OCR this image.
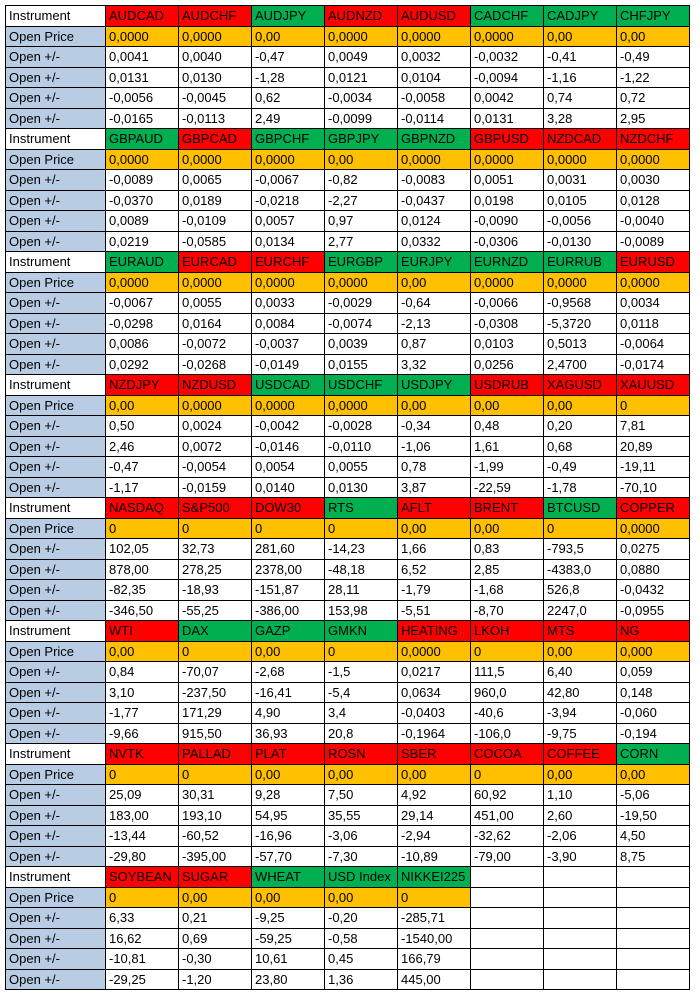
Instrument	AUDCAD	AUDCHF	AUDJPY	AUDNZD	AUDUSD	CADCHF	CADJPY	CHFJPY
Open Price	0,0000	0,0000	0,00	0,0000	0,0000	0,0000	0,00	0,00
Open +/-	0,0041	0,0040	-0,47	0,0049	0,0032	-0,0032	-0,41	-0,49
Open +/-	0,0131	0,0130	-1,28	0,0121	0,0104	-0,0094	-1,16	-1,22
Open +/-	-0,0056	-0,0045	0,62	-0,0034	-0,0058	0,0042	0,74	0,72
Open +/-	-0,0165	-0,0113	2,49	-0,0099	-0,0114	0,0131	3,28	2,95
Instrument	GBPAUD	GBPCAD	GBPCHF	GBPJPY	GBPNZD	GBPUSD	NZDCAD	NZDCHF
Open Price	0,0000	0,0000	0,0000	0,00	0,0000	0,0000	0,0000	0,0000
Open +/-	-0,0089	0,0065	-0,0067	-0,82	-0,0083	0,0051	0,0031	0,0030
Open +/-	-0,0370	0,0189	-0,0218	-2,27	-0,0437	0,0198	0,0105	0,0128
Open +/-	0,0089	-0,0109	0,0057	0,97	0,0124	-0,0090	-0,0056	-0,0040
Open +/-	0,0219	-0,0585	0,0134	2,77	0,0332	-0,0306	-0,0130	-0,0089
Instrument	EURAUD	EURCAD	EURCHF	EURGBP	EURJPY	EURNZD	EURRUB	EURUSD
Open Price	0,0000	0,0000	0,0000	0,0000	0,00	0,0000	0,0000	0,0000
Open +/-	-0,0067	0,0055	0,0033	-0,0029	-0,64	-0,0066	-0,9568	0,0034
Open +/-	-0,0298	0,0164	0,0084	-0,0074	-2,13	-0,0308	-5,3720	0,0118
Open +/-	0,0086	-0,0072	-0,0037	0,0039	0,87	0,0103	0,5013	-0,0064
Open +/-	0,0292	-0,0268	-0,0149	0,0155	3,32	0,0256	2,4700	-0,0174
Instrument	NZDJPY	NZDUSD	USDCAD	USDCHF	USDJPY	USDRUB	XAGUSD	XAUUSD
Open Price	0,00	0,0000	0,0000	0,0000	0,00	0,00	0,00	0
Open +/-	0,50	0,0024	-0,0042	-0,0028	-0,34	0,48	0,20	7,81
Open +/-	2,46	0,0072	-0,0146	-0,0110	-1,06	1,61	0,68	20,89
Open +/-	-0,47	-0,0054	0,0054	0,0055	0,78	-1,99	-0,49	-19,11
Open +/-	-1,17	-0,0159	0,0140	0,0130	3,87	-22,59	-1,78	-70,10
Instrument	NASDAQ	S&P500	DOW30	RTS	AFLT	BRENT	BTCUSD	COPPER
Open Price	0	0	0	0	0,00	0,00	0	0,0000
Open +/-	102,05	32,73	281,60	-14,23	1,66	0,83	-793,5	0,0275
Open +/-	878,00	278,25	2378,00	-48,18	6,52	2,85	-4383,0	0,0880
Open +/-	-82,35	-18,93	-151,87	28,11	-1,79	-1,68	526,8	-0,0432
Open +/-	-346,50	-55,25	-386,00	153,98	-5,51	-8,70	2247,0	-0,0955
Instrument	WTI	DAX	GAZP	GMKN	HEATING	LKOH	MTS	NG
Open Price	0,00	0	0,00	0	0,0000	0	0,00	0,000
Open +/-	0,84	-70,07	-2,68	-1,5	0,0217	111,5	6,40	0,059
Open +/-	3,10	-237,50	-16,41	-5,4	0,0634	960,0	42,80	0,148
Open +/-	-1,77	171,29	4,90	3,4	-0,0403	-40,6	-3,94	-0,060
Open +/-	-9,66	915,50	36,93	20,8	-0,1964	-106,0	-9,75	-0,194
Instrument	NVTK	PALLAD	PLAT	ROSN	SBER	COCOA	COFFEE	CORN
Open Price	0	0	0,00	0,00	0,00	0	0,00	0,00
Open +/-	25,09	30,31	9,28	7,50	4,92	60,92	1,10	-5,06
Open +/-	183,00	193,10	54,95	35,55	29,14	451,00	2,60	-19,50
Open +/-	-13,44	-60,52	-16,96	-3,06	-2,94	-32,62	-2,06	4,50
Open +/-	-29,80	-395,00	-57,70	-7,30	-10,89	-79,00	-3,90	8,75
Instrument	SOYBEAN	SUGAR	WHEAT	USD Index	NIKKEI225			
Open Price	0	0,00	0,00	0,00	0			
Open +/-	6,33	0,21	-9,25	-0,20	-285,71			
Open +/-	16,62	0,69	-59,25	-0,58	-1540,00			
Open +/-	-10,81	-0,30	10,61	0,45	166,79			
Open +/-	-29,25	-1,20	23,80	1,36	445,00			
